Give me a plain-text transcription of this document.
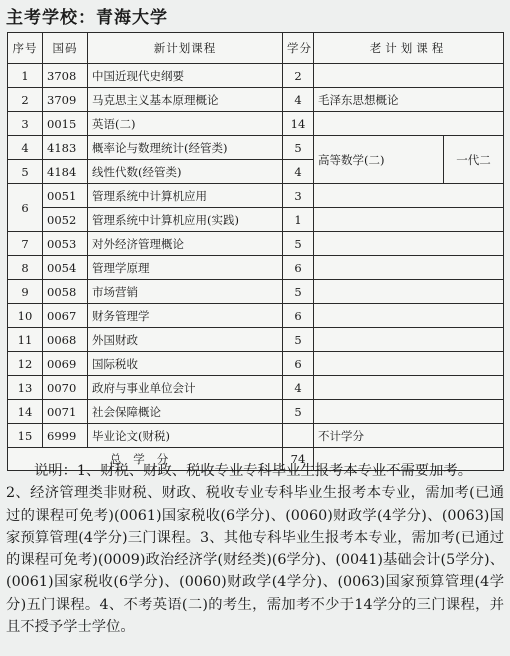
主考学校：青海大学
序号	国码	新计划课程	学分	老计划课程	
1	3708	中国近现代史纲要	2		
2	3709	马克思主义基本原理概论	4	毛泽东思想概论	
3	0015	英语(二)	14		
4	4183	概率论与数理统计(经管类)	5	高等数学(二)	一代二
5	4184	线性代数(经管类)	4		
6	0051	管理系统中计算机应用	3		
	0052	管理系统中计算机应用(实践)	1		
7	0053	对外经济管理概论	5		
8	0054	管理学原理	6		
9	0058	市场营销	5		
10	0067	财务管理学	6		
11	0068	外国财政	5		
12	0069	国际税收	6		
13	0070	政府与事业单位会计	4		
14	0071	社会保障概论	5		
15	6999	毕业论文(财税)		不计学分	
总学分			74		

说明：1、财税、财政、税收专业专科毕业生报考本专业不需要加考。

2、经济管理类非财税、财政、税收专业专科毕业生报考本专业，需加考(已通过的课程可免考)(0061)国家税收(6学分)、(0060)财政学(4学分)、(0063)国家预算管理(4学分)三门课程。3、其他专科毕业生报考本专业，需加考(已通过的课程可免考)(0009)政治经济学(财经类)(6学分)、(0041)基础会计(5学分)、(0061)国家税收(6学分)、(0060)财政学(4学分)、(0063)国家预算管理(4学分)五门课程。4、不考英语(二)的考生，需加考不少于14学分的三门课程，并且不授予学士学位。
